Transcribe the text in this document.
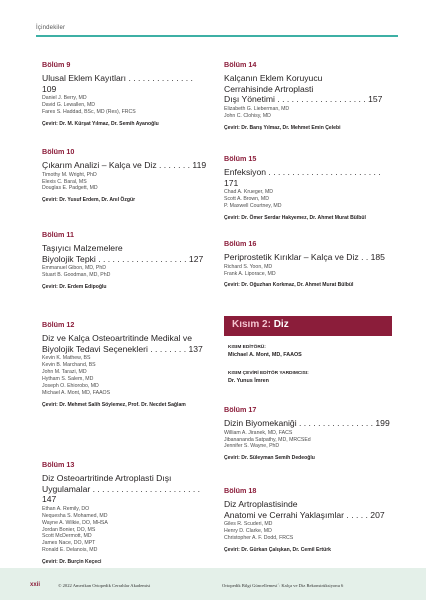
İçindekiler
Bölüm 9
Ulusal Eklem Kayıtları . . . . . . . . . . . . . . 109
Daniel J. Berry, MD
David G. Lewallen, MD
Fares S. Haddad, BSc, MD (Res), FRCS
Çeviri: Dr. M. Kürşat Yılmaz, Dr. Semih Ayanoğlu
Bölüm 10
Çıkarım Analizi – Kalça ve Diz . . . . . . . 119
Timothy M. Wright, PhD
Elexis C. Baral, MS
Douglas E. Padgett, MD
Çeviri: Dr. Yusuf Erdem, Dr. Anıl Özgür
Bölüm 11
Taşıyıcı Malzemelere
Biyolojik Tepki . . . . . . . . . . . . . . . . . . . 127
Emmanuel Gibon, MD, PhD
Stuart B. Goodman, MD, PhD
Çeviri: Dr. Erdem Edipoğlu
Bölüm 12
Diz ve Kalça Osteoartritinde Medikal ve
Biyolojik Tedavi Seçenekleri . . . . . . . . 137
Kevin K. Mathew, BS
Kevin B. Marchand, BS
John M. Tarazi, MD
Hytham S. Salem, MD
Joseph O. Ehiorobo, MD
Michael A. Mont, MD, FAAOS
Çeviri: Dr. Mehmet Salih Söylemez, Prof. Dr. Necdet Sağlam
Bölüm 13
Diz Osteoartritinde Artroplasti Dışı
Uygulamalar . . . . . . . . . . . . . . . . . . . . . . . 147
Ethan A. Remily, DO
Nequesha S. Mohamed, MD
Wayne A. Wilkie, DO, MHSA
Jordan Bonier, DO, MS
Scott McDermott, MD
James Nace, DO, MPT
Ronald E. Delanois, MD
Çeviri: Dr. Burçin Keçeci
Bölüm 14
Kalçanın Eklem Koruyucu
Cerrahisinde Artroplasti
Dışı Yönetimi . . . . . . . . . . . . . . . . . . . 157
Elizabeth G. Lieberman, MD
John C. Clohisy, MD
Çeviri: Dr. Barış Yılmaz, Dr. Mehmet Emin Çelebi
Bölüm 15
Enfeksiyon . . . . . . . . . . . . . . . . . . . . . . . . 171
Chad A. Krueger, MD
Scott A. Brown, MD
P. Maxwell Courtney, MD
Çeviri: Dr. Ömer Serdar Hakyemez, Dr. Ahmet Murat Bülbül
Bölüm 16
Periprostetik Kırıklar – Kalça ve Diz . . 185
Richard S. Yoon, MD
Frank A. Liporace, MD
Çeviri: Dr. Oğuzhan Korkmaz, Dr. Ahmet Murat Bülbül
Kısım 2: Diz
KISIM EDİTÖRÜ:
Michael A. Mont, MD, FAAOS
KISIM ÇEVİRİ EDİTÖR YARDIMCISI:
Dr. Yunus İmren
Bölüm 17
Dizin Biyomekaniği . . . . . . . . . . . . . . . . 199
William A. Jiranek, MD, FACS
Jibanananda Satpathy, MD, MRCSEd
Jennifer S. Wayne, PhD
Çeviri: Dr. Süleyman Semih Dedeoğlu
Bölüm 18
Diz Artroplastisinde
Anatomi ve Cerrahi Yaklaşımlar . . . . . 207
Giles R. Scuderi, MD
Henry D. Clarke, MD
Christopher A. F. Dodd, FRCS
Çeviri: Dr. Gürkan Çalışkan, Dr. Cemil Ertürk
xxii	© 2022 Amerikan Ortopedik Cerrahlar Akademisi	Ortopedik Bilgi Güncellemesi´: Kalça ve Diz Rekonstrüksiyonu 6
